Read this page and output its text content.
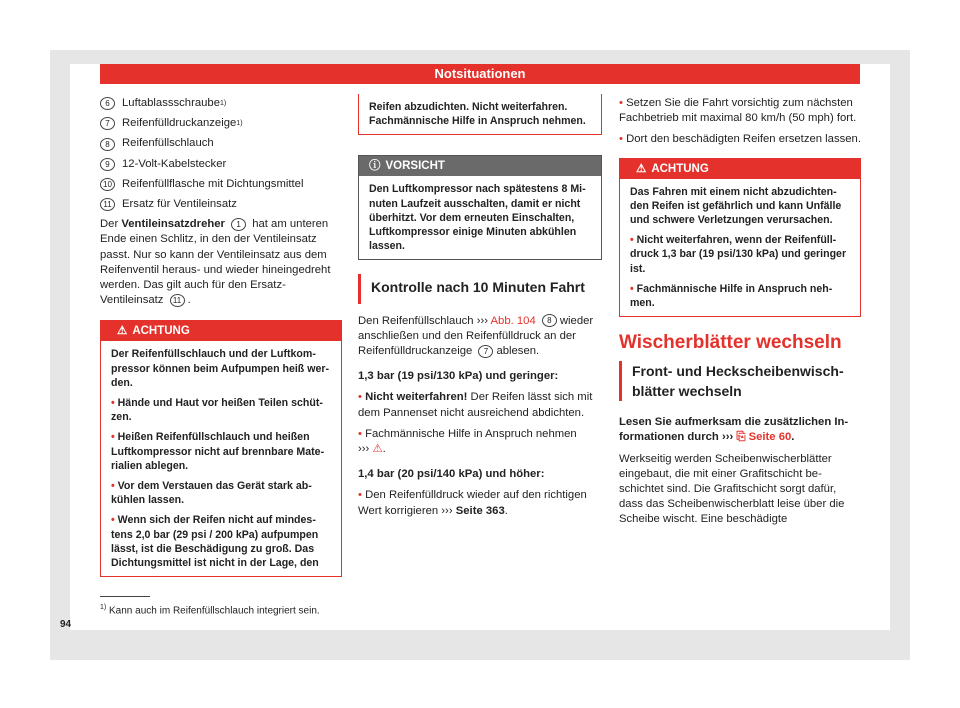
Notsituationen
6	Luftablassschraube 1)
7	Reifenfülldruckanzeige 1)
8	Reifenfüllschlauch
9	12-Volt-Kabelstecker
10 Reifenfüllflasche mit Dichtungsmittel
11 Ersatz für Ventileinsatz

Der Ventileinsatzdreher 1 hat am unteren Ende einen Schlitz, in den der Ventileinsatz passt. Nur so kann der Ventileinsatz aus dem Reifenventil heraus- und wieder hineingedreht werden. Das gilt auch für den Ersatz-Ventileinsatz 11 .

⚠ ACHTUNG

Der Reifenfüllschlauch und der Luftkompressor können beim Aufpumpen heiß werden.

• Hände und Haut vor heißen Teilen schützen.

• Heißen Reifenfüllschlauch und heißen Luftkompressor nicht auf brennbare Materialien ablegen.

• Vor dem Verstauen das Gerät stark abkühlen lassen.

• Wenn sich der Reifen nicht auf mindestens 2,0 bar (29 psi / 200 kPa) aufpumpen lässt, ist die Beschädigung zu groß. Das Dichtungsmittel ist nicht in der Lage, den

Reifen abzudichten. Nicht weiterfahren. Fachmännische Hilfe in Anspruch nehmen.
ⓘ VORSICHT
Den Luftkompressor nach spätestens 8 Minuten Laufzeit ausschalten, damit er nicht überhitzt. Vor dem erneuten Einschalten, Luftkompressor einige Minuten abkühlen lassen.
Kontrolle nach 10 Minuten Fahrt

Den Reifenfüllschlauch ››› Abb. 104 8 wieder anschließen und den Reifenfülldruck an der Reifenfülldruckanzeige 7 ablesen.

1,3 bar (19 psi/130 kPa) und geringer:

• Nicht weiterfahren! Der Reifen lässt sich mit dem Pannenset nicht ausreichend abdichten.

• Fachmännische Hilfe in Anspruch nehmen
››› ⚠.

1,4 bar (20 psi/140 kPa) und höher:

• Den Reifenfülldruck wieder auf den richtigen Wert korrigieren ››› Seite 363.

• Setzen Sie die Fahrt vorsichtig zum nächsten Fachbetrieb mit maximal 80 km/h (50 mph) fort.

• Dort den beschädigten Reifen ersetzen lassen.

⚠ ACHTUNG

Das Fahren mit einem nicht abzudichtenden Reifen ist gefährlich und kann Unfälle und schwere Verletzungen verursachen.

• Nicht weiterfahren, wenn der Reifenfülldruck 1,3 bar (19 psi/130 kPa) und geringer ist.

• Fachmännische Hilfe in Anspruch nehmen.

Wischerblätter wechseln
Front- und Heckscheibenwischblätter wechseln

Lesen Sie aufmerksam die zusätzlichen Informationen durch ››› ⎘ Seite 60.

Werkseitig werden Scheibenwischerblätter eingebaut, die mit einer Grafitschicht beschichtet sind. Die Grafitschicht sorgt dafür, dass das Scheibenwischerblatt leise über die Scheibe wischt. Eine beschädigte

$^{1)}$ Kann auch im Reifenfüllschlauch integriert sein.
94
